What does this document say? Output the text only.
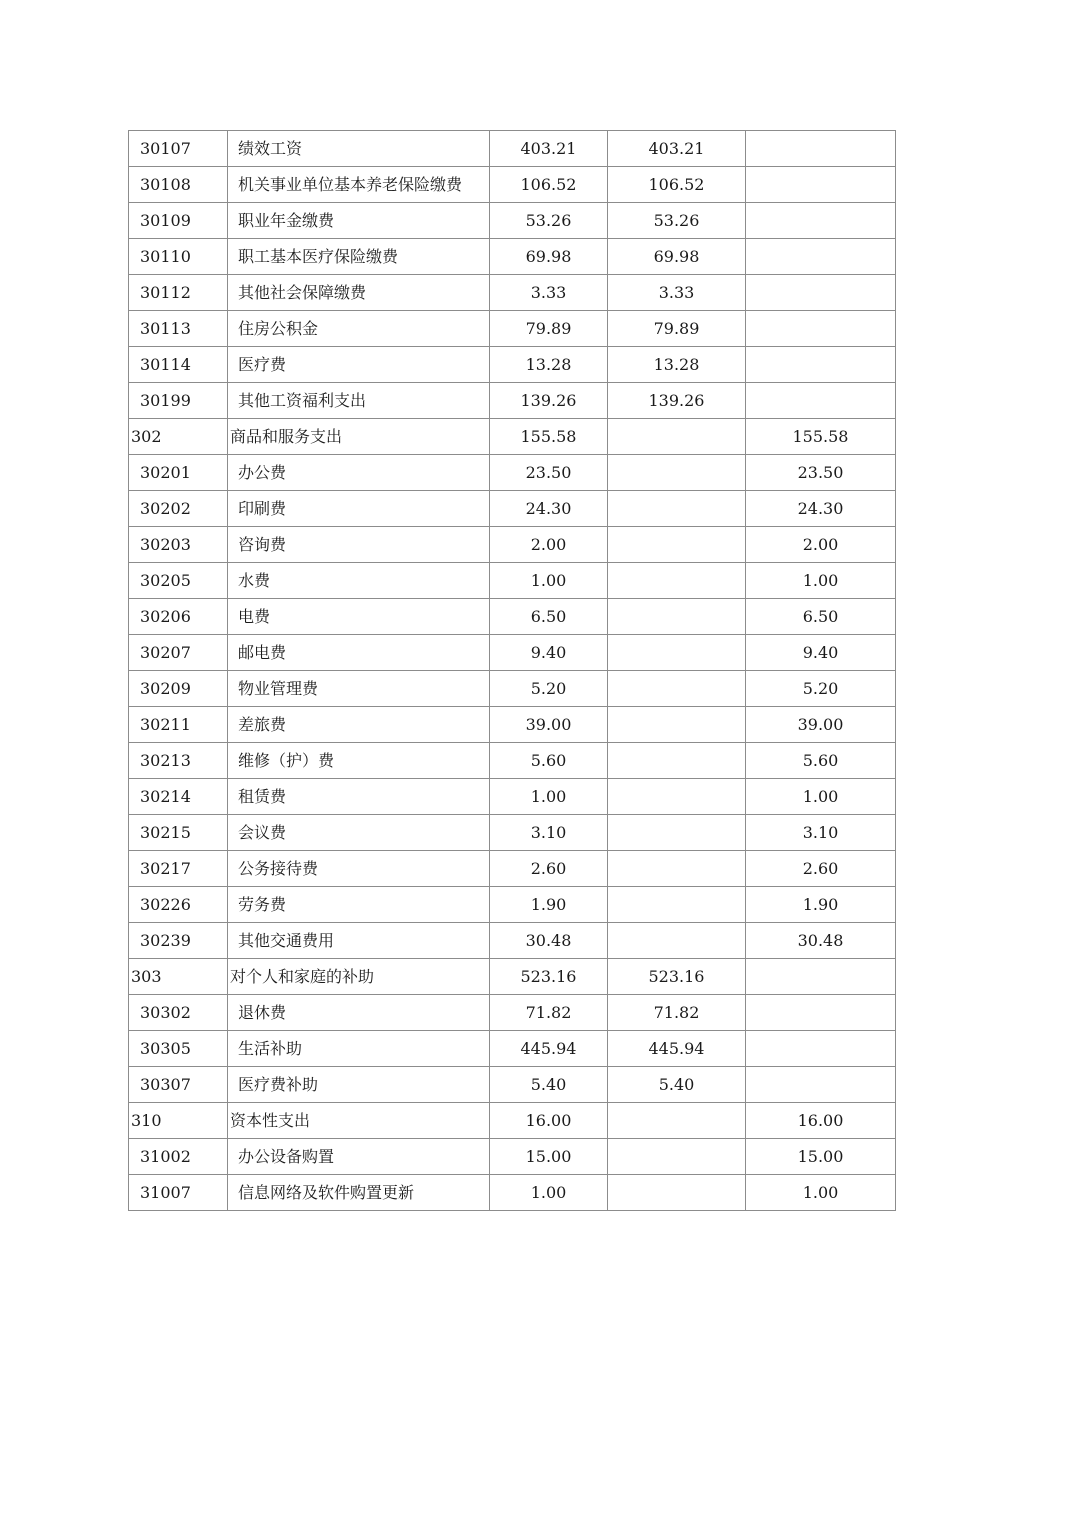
30107	绩效工资	403.21	403.21	
30108	机关事业单位基本养老保险缴费	106.52	106.52	
30109	职业年金缴费	53.26	53.26	
30110	职工基本医疗保险缴费	69.98	69.98	
30112	其他社会保障缴费	3.33	3.33	
30113	住房公积金	79.89	79.89	
30114	医疗费	13.28	13.28	
30199	其他工资福利支出	139.26	139.26	
302	商品和服务支出	155.58		155.58
30201	办公费	23.50		23.50
30202	印刷费	24.30		24.30
30203	咨询费	2.00		2.00
30205	水费	1.00		1.00
30206	电费	6.50		6.50
30207	邮电费	9.40		9.40
30209	物业管理费	5.20		5.20
30211	差旅费	39.00		39.00
30213	维修（护）费	5.60		5.60
30214	租赁费	1.00		1.00
30215	会议费	3.10		3.10
30217	公务接待费	2.60		2.60
30226	劳务费	1.90		1.90
30239	其他交通费用	30.48		30.48
303	对个人和家庭的补助	523.16	523.16	
30302	退休费	71.82	71.82	
30305	生活补助	445.94	445.94	
30307	医疗费补助	5.40	5.40	
310	资本性支出	16.00		16.00
31002	办公设备购置	15.00		15.00
31007	信息网络及软件购置更新	1.00		1.00
